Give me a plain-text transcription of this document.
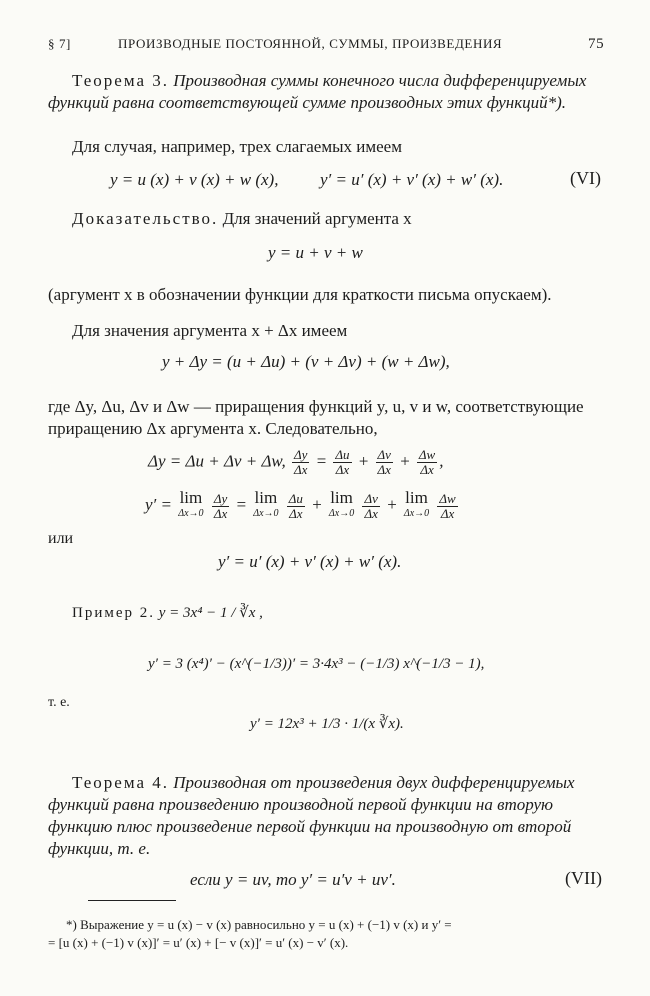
§ 7]	ПРОИЗВОДНЫЕ ПОСТОЯННОЙ, СУММЫ, ПРОИЗВЕДЕНИЯ	75
Теорема 3. Производная суммы конечного числа дифференцируемых функций равна соответствующей сумме производных этих функций*).
Для случая, например, трех слагаемых имеем
y = u (x) + v (x) + w (x), y′ = u′ (x) + v′ (x) + w′ (x).	(VI)
Доказательство. Для значений аргумента x
y = u + v + w
(аргумент x в обозначении функции для краткости письма опускаем).
Для значения аргумента x + Δx имеем
y + Δy = (u + Δu) + (v + Δv) + (w + Δw),
где Δy, Δu, Δv и Δw — приращения функций y, u, v и w, соответствующие приращению Δx аргумента x. Следовательно,
Δy = Δu + Δv + Δw, $\frac{\Delta y}{\Delta x} = \frac{\Delta u}{\Delta x} + \frac{\Delta v}{\Delta x} + \frac{\Delta w}{\Delta x}$ ,
y′ = lim
Δx→0
$\frac{\Delta y}{\Delta x} = \lim$
Δx→0
$\frac{\Delta u}{\Delta x} + \lim$
Δx→0
$\frac{\Delta v}{\Delta x} + \lim$
Δx→0
$\frac{\Delta w}{\Delta x}$
или
y′ = u′ (x) + v′ (x) + w′ (x).
Пример 2. y = 3x⁴ − 1 / ∛x ,
y′ = 3 (x⁴)′ − (x^(−1/3))′ = 3·4x³ − (−1/3) x^(−1/3 − 1),
т. е.
y′ = 12x³ + 1/3 · 1/(x ∛x).
Теорема 4. Производная от произведения двух дифференцируемых функций равна произведению производной первой функции на вторую функцию плюс произведение первой функции на производную от второй функции, т. е.
если y = uv, то y′ = u′v + uv′.	(VII)
*) Выражение y = u (x) − v (x) равносильно y = u (x) + (−1) v (x) и y′ =
= [u (x) + (−1) v (x)]′ = u′ (x) + [− v (x)]′ = u′ (x) − v′ (x).
